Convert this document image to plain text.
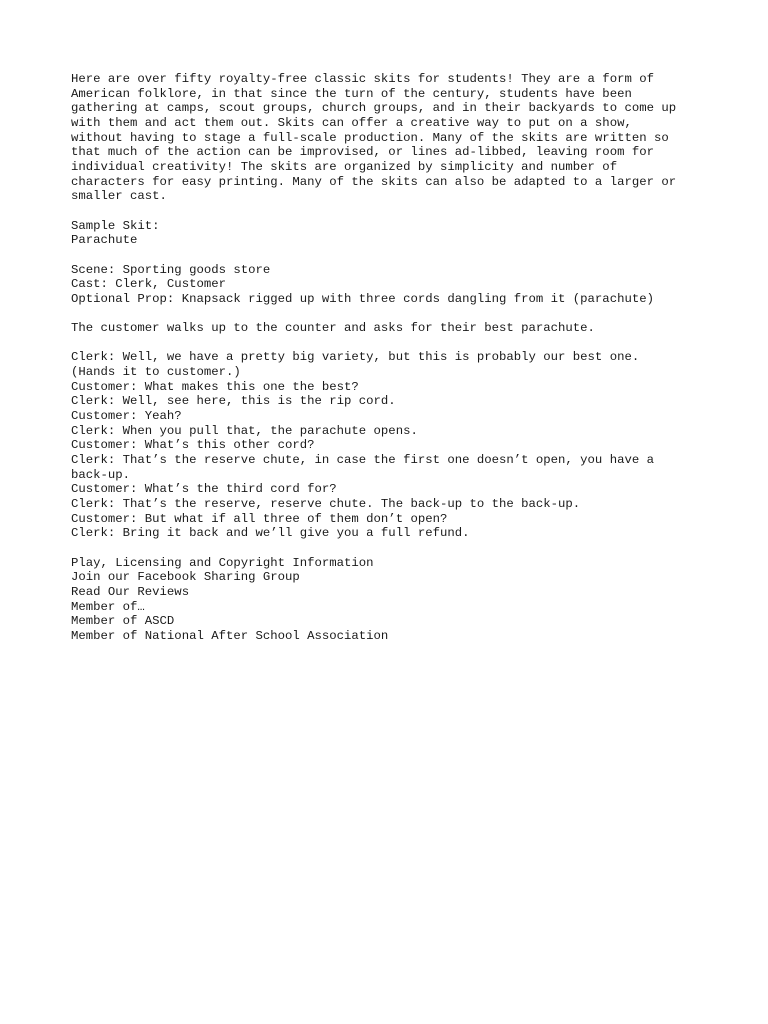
Here are over fifty royalty-free classic skits for students! They are a form of
American folklore, in that since the turn of the century, students have been
gathering at camps, scout groups, church groups, and in their backyards to come up
with them and act them out. Skits can offer a creative way to put on a show,
without having to stage a full-scale production. Many of the skits are written so
that much of the action can be improvised, or lines ad-libbed, leaving room for
individual creativity! The skits are organized by simplicity and number of
characters for easy printing. Many of the skits can also be adapted to a larger or
smaller cast.
Sample Skit:
Parachute
Scene: Sporting goods store
Cast: Clerk, Customer
Optional Prop: Knapsack rigged up with three cords dangling from it (parachute)
The customer walks up to the counter and asks for their best parachute.
Clerk: Well, we have a pretty big variety, but this is probably our best one.
(Hands it to customer.)
Customer: What makes this one the best?
Clerk: Well, see here, this is the rip cord.
Customer: Yeah?
Clerk: When you pull that, the parachute opens.
Customer: What’s this other cord?
Clerk: That’s the reserve chute, in case the first one doesn’t open, you have a
back-up.
Customer: What’s the third cord for?
Clerk: That’s the reserve, reserve chute. The back-up to the back-up.
Customer: But what if all three of them don’t open?
Clerk: Bring it back and we’ll give you a full refund.
Play, Licensing and Copyright Information
Join our Facebook Sharing Group
Read Our Reviews
Member of…
Member of ASCD
Member of National After School Association
